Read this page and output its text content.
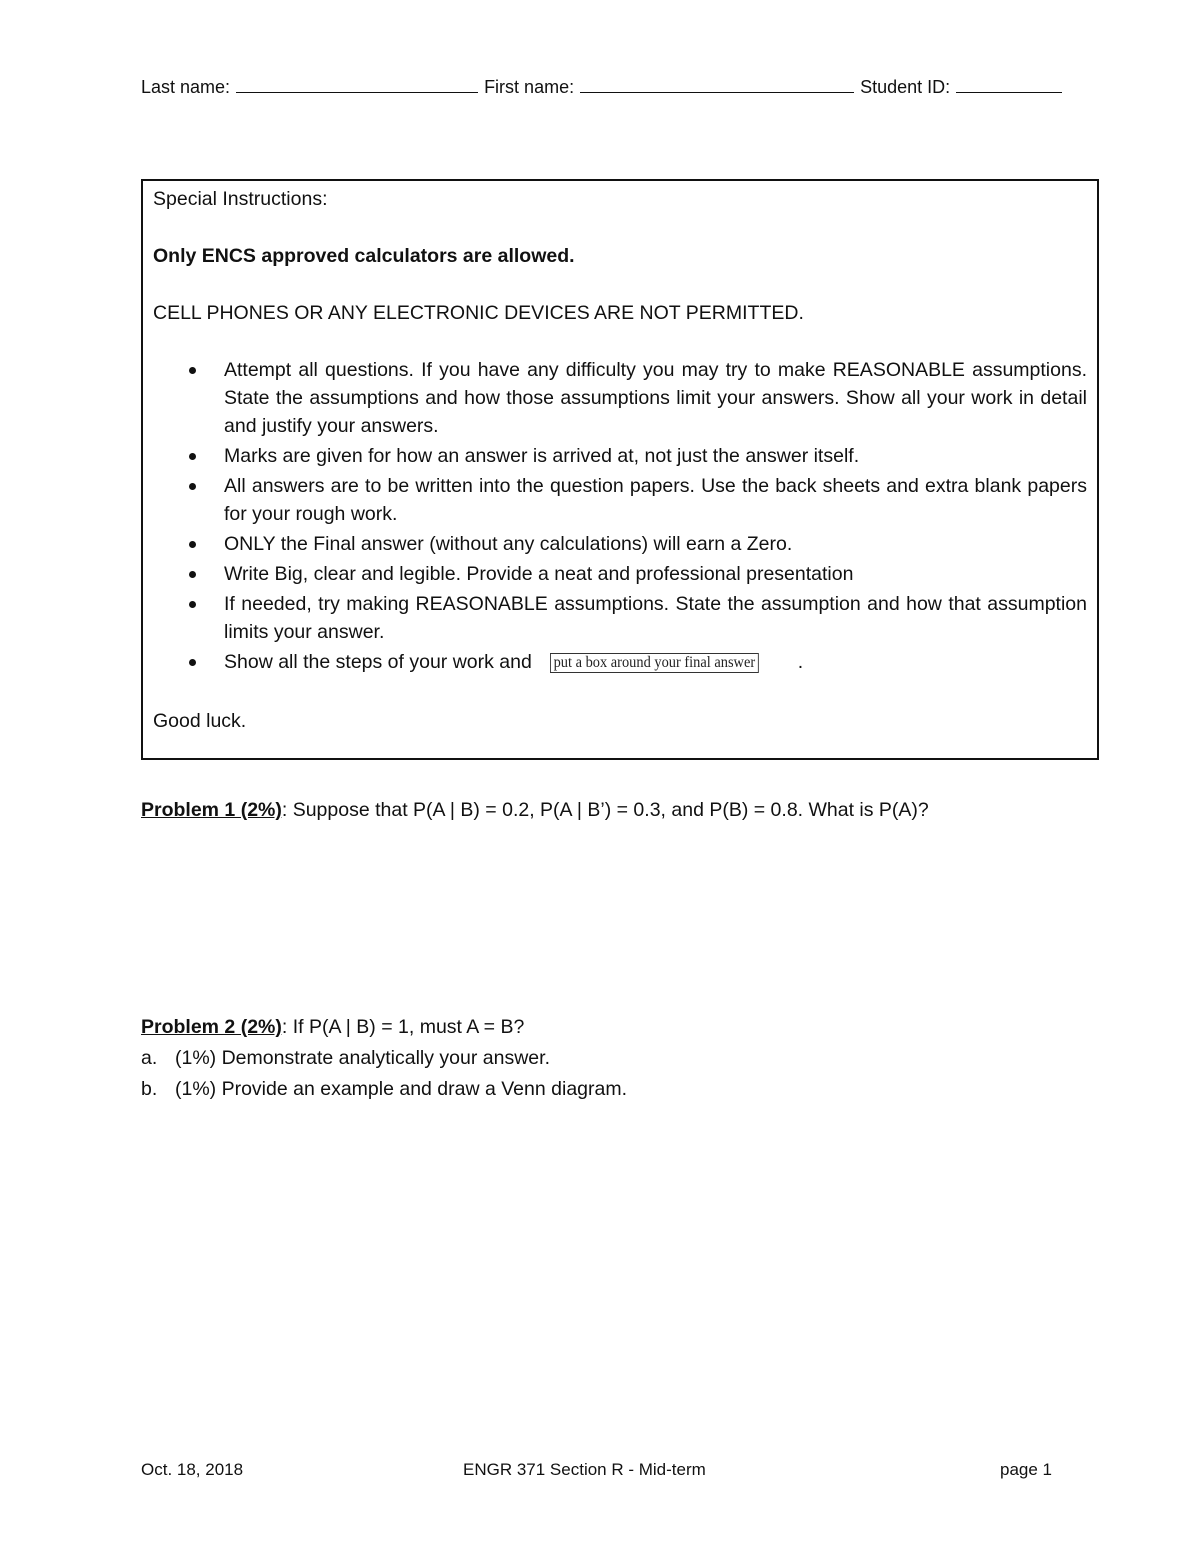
Last name:	First name:	Student ID:

Special Instructions:

Only ENCS approved calculators are allowed.

CELL PHONES OR ANY ELECTRONIC DEVICES ARE NOT PERMITTED.

Attempt all questions. If you have any difficulty you may try to make REASONABLE assumptions. State the assumptions and how those assumptions limit your answers. Show all your work in detail and justify your answers.
Marks are given for how an answer is arrived at, not just the answer itself.
All answers are to be written into the question papers. Use the back sheets and extra blank papers for your rough work.
ONLY the Final answer (without any calculations) will earn a Zero.
Write Big, clear and legible. Provide a neat and professional presentation
If needed, try making REASONABLE assumptions. State the assumption and how that assumption limits your answer.
Show all the steps of your work and put a box around your final answer .

Good luck.

Problem 1 (2%): Suppose that P(A | B) = 0.2, P(A | B’) = 0.3, and P(B) = 0.8. What is P(A)?
Problem 2 (2%): If P(A | B) = 1, must A = B?
a. (1%) Demonstrate analytically your answer.
b. (1%) Provide an example and draw a Venn diagram.
Oct. 18, 2018	ENGR 371 Section R - Mid-term	page 1
